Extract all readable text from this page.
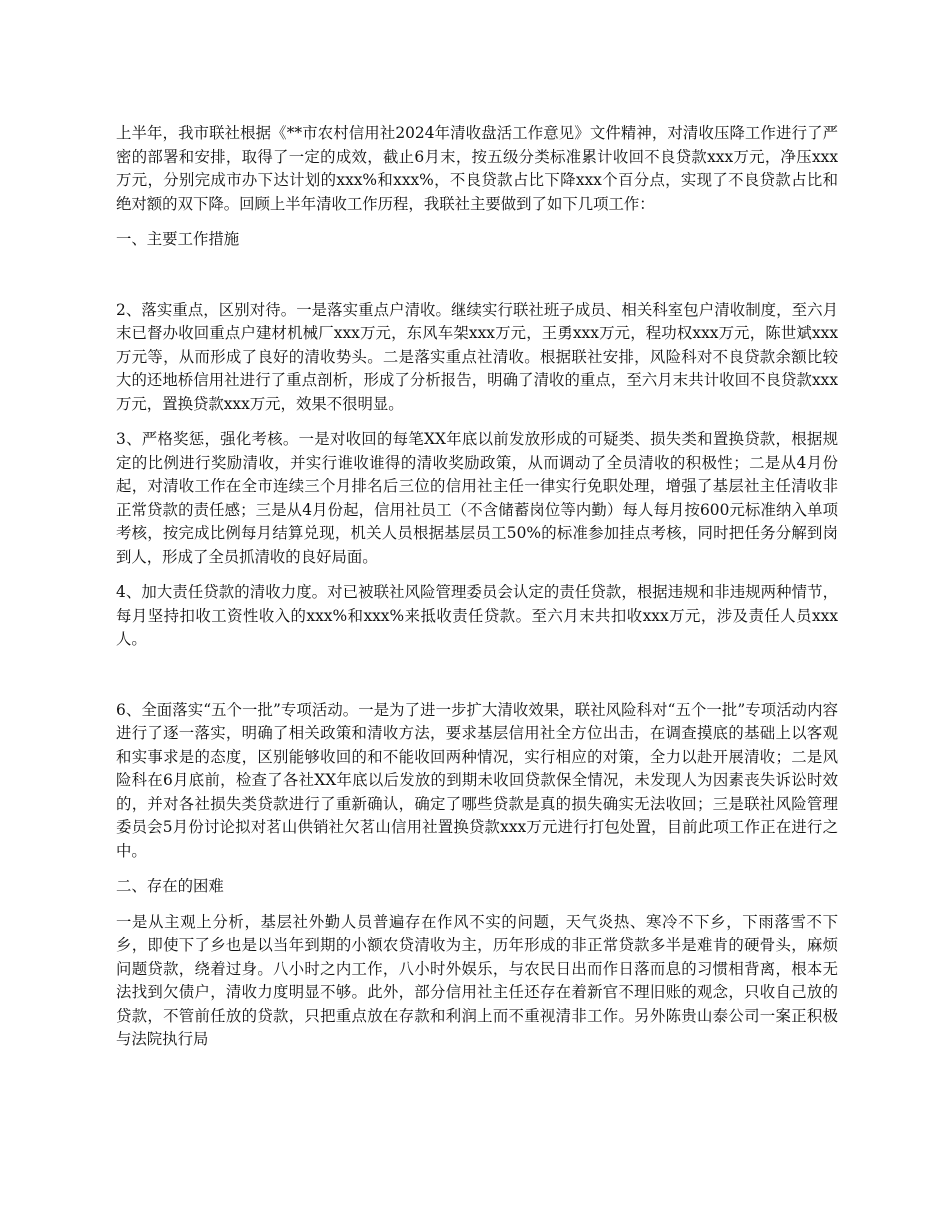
上半年，我市联社根据《**市农村信用社2024年清收盘活工作意见》文件精神，对清收压降工作进行了严密的部署和安排，取得了一定的成效，截止6月末，按五级分类标准累计收回不良贷款xxx万元，净压xxx万元，分别完成市办下达计划的xxx%和xxx%，不良贷款占比下降xxx个百分点，实现了不良贷款占比和绝对额的双下降。回顾上半年清收工作历程，我联社主要做到了如下几项工作：

一、主要工作措施

2、落实重点，区别对待。一是落实重点户清收。继续实行联社班子成员、相关科室包户清收制度，至六月末已督办收回重点户建材机械厂xxx万元，东风车架xxx万元，王勇xxx万元，程功权xxx万元，陈世斌xxx万元等，从而形成了良好的清收势头。二是落实重点社清收。根据联社安排，风险科对不良贷款余额比较大的还地桥信用社进行了重点剖析，形成了分析报告，明确了清收的重点，至六月末共计收回不良贷款xxx万元，置换贷款xxx万元，效果不很明显。

3、严格奖惩，强化考核。一是对收回的每笔XX年底以前发放形成的可疑类、损失类和置换贷款，根据规定的比例进行奖励清收，并实行谁收谁得的清收奖励政策，从而调动了全员清收的积极性；二是从4月份起，对清收工作在全市连续三个月排名后三位的信用社主任一律实行免职处理，增强了基层社主任清收非正常贷款的责任感；三是从4月份起，信用社员工（不含储蓄岗位等内勤）每人每月按600元标准纳入单项考核，按完成比例每月结算兑现，机关人员根据基层员工50%的标准参加挂点考核，同时把任务分解到岗到人，形成了全员抓清收的良好局面。

4、加大责任贷款的清收力度。对已被联社风险管理委员会认定的责任贷款，根据违规和非违规两种情节，每月坚持扣收工资性收入的xxx%和xxx%来抵收责任贷款。至六月末共扣收xxx万元，涉及责任人员xxx人。

6、全面落实“五个一批”专项活动。一是为了进一步扩大清收效果，联社风险科对“五个一批”专项活动内容进行了逐一落实，明确了相关政策和清收方法，要求基层信用社全方位出击，在调查摸底的基础上以客观和实事求是的态度，区别能够收回的和不能收回两种情况，实行相应的对策，全力以赴开展清收；二是风险科在6月底前，检查了各社XX年底以后发放的到期未收回贷款保全情况，未发现人为因素丧失诉讼时效的，并对各社损失类贷款进行了重新确认，确定了哪些贷款是真的损失确实无法收回；三是联社风险管理委员会5月份讨论拟对茗山供销社欠茗山信用社置换贷款xxx万元进行打包处置，目前此项工作正在进行之中。

二、存在的困难

一是从主观上分析，基层社外勤人员普遍存在作风不实的问题，天气炎热、寒冷不下乡，下雨落雪不下乡，即使下了乡也是以当年到期的小额农贷清收为主，历年形成的非正常贷款多半是难肯的硬骨头，麻烦问题贷款，绕着过身。八小时之内工作，八小时外娱乐，与农民日出而作日落而息的习惯相背离，根本无法找到欠债户，清收力度明显不够。此外，部分信用社主任还存在着新官不理旧账的观念，只收自己放的贷款，不管前任放的贷款，只把重点放在存款和利润上而不重视清非工作。另外陈贵山泰公司一案正积极与法院执行局
